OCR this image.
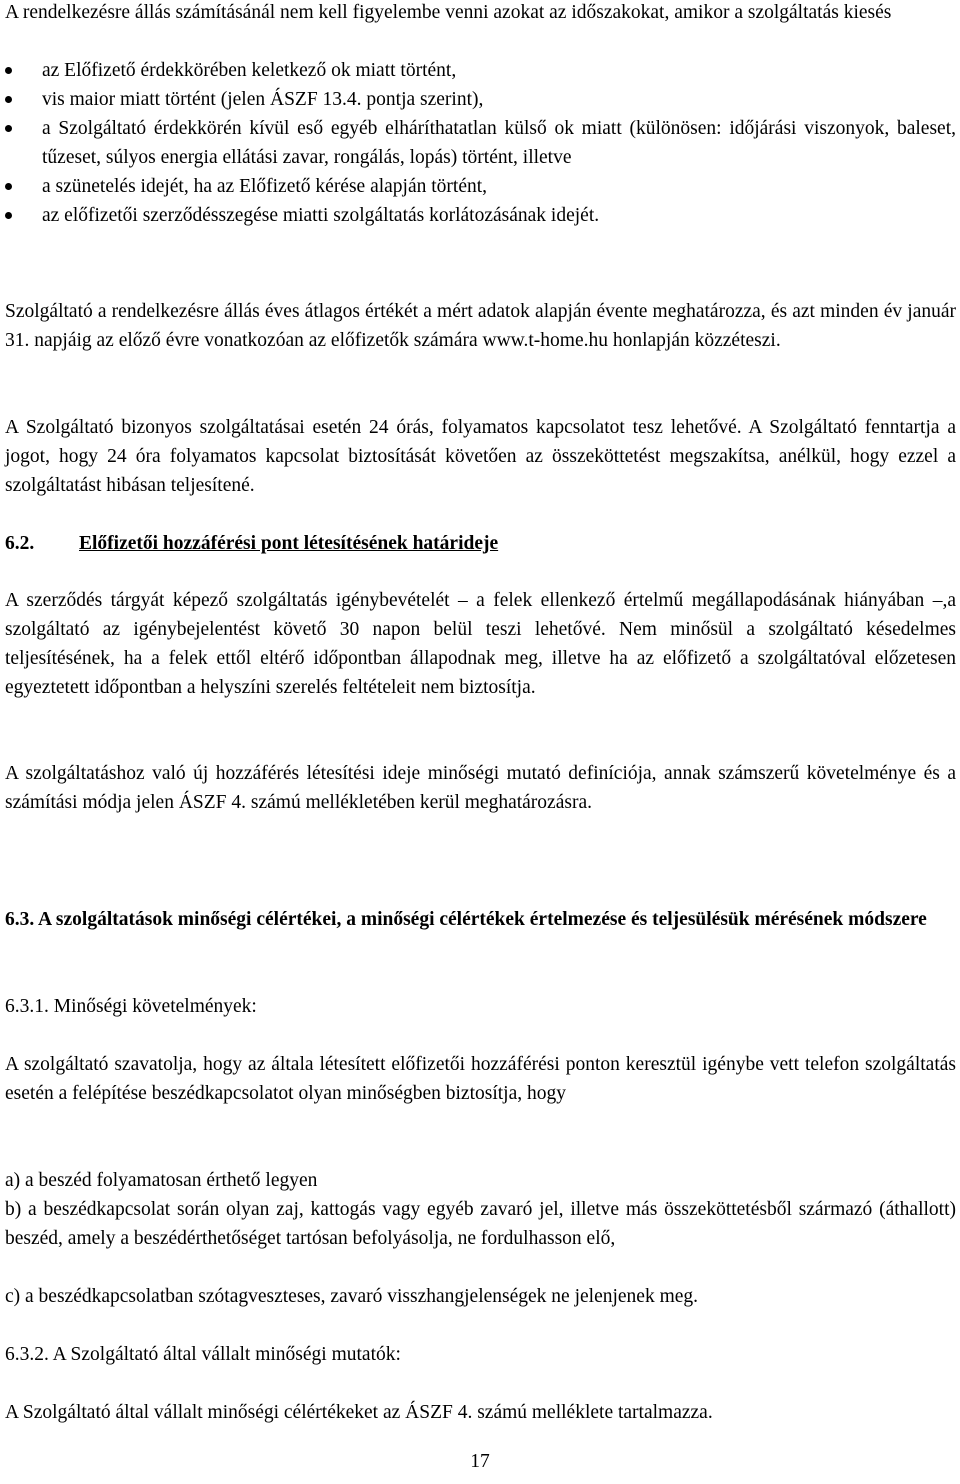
A rendelkezésre állás számításánál nem kell figyelembe venni azokat az időszakokat, amikor a szolgáltatás kiesés

az Előfizető érdekkörében keletkező ok miatt történt,
vis maior miatt történt (jelen ÁSZF 13.4. pontja szerint),
a Szolgáltató érdekkörén kívül eső egyéb elháríthatatlan külső ok miatt (különösen: időjárási viszonyok, baleset, tűzeset, súlyos energia ellátási zavar, rongálás, lopás) történt, illetve
a szünetelés idejét, ha az Előfizető kérése alapján történt,
az előfizetői szerződésszegése miatti szolgáltatás korlátozásának idejét.

Szolgáltató a rendelkezésre állás éves átlagos értékét a mért adatok alapján évente meghatározza, és azt minden év január 31. napjáig az előző évre vonatkozóan az előfizetők számára www.t-home.hu honlapján közzéteszi.

A Szolgáltató bizonyos szolgáltatásai esetén 24 órás, folyamatos kapcsolatot tesz lehetővé. A Szolgáltató fenntartja a jogot, hogy 24 óra folyamatos kapcsolat biztosítását követően az összeköttetést megszakítsa, anélkül, hogy ezzel a szolgáltatást hibásan teljesítené.

6.2. Előfizetői hozzáférési pont létesítésének határideje

A szerződés tárgyát képező szolgáltatás igénybevételét – a felek ellenkező értelmű megállapodásának hiányában –,a szolgáltató az igénybejelentést követő 30 napon belül teszi lehetővé. Nem minősül a szolgáltató késedelmes teljesítésének, ha a felek ettől eltérő időpontban állapodnak meg, illetve ha az előfizető a szolgáltatóval előzetesen egyeztetett időpontban a helyszíni szerelés feltételeit nem biztosítja.

A szolgáltatáshoz való új hozzáférés létesítési ideje minőségi mutató definíciója, annak számszerű követelménye és a számítási módja jelen ÁSZF 4. számú mellékletében kerül meghatározásra.

6.3. A szolgáltatások minőségi célértékei, a minőségi célértékek értelmezése és teljesülésük mérésének módszere

6.3.1. Minőségi követelmények:

A szolgáltató szavatolja, hogy az általa létesített előfizetői hozzáférési ponton keresztül igénybe vett telefon szolgáltatás esetén a felépítése beszédkapcsolatot olyan minőségben biztosítja, hogy

a) a beszéd folyamatosan érthető legyen

b) a beszédkapcsolat során olyan zaj, kattogás vagy egyéb zavaró jel, illetve más összeköttetésből származó (áthallott) beszéd, amely a beszédérthetőséget tartósan befolyásolja, ne fordulhasson elő,

c) a beszédkapcsolatban szótagveszteses, zavaró visszhangjelenségek ne jelenjenek meg.

6.3.2. A Szolgáltató által vállalt minőségi mutatók:

A Szolgáltató által vállalt minőségi célértékeket az ÁSZF 4. számú melléklete tartalmazza.

17
